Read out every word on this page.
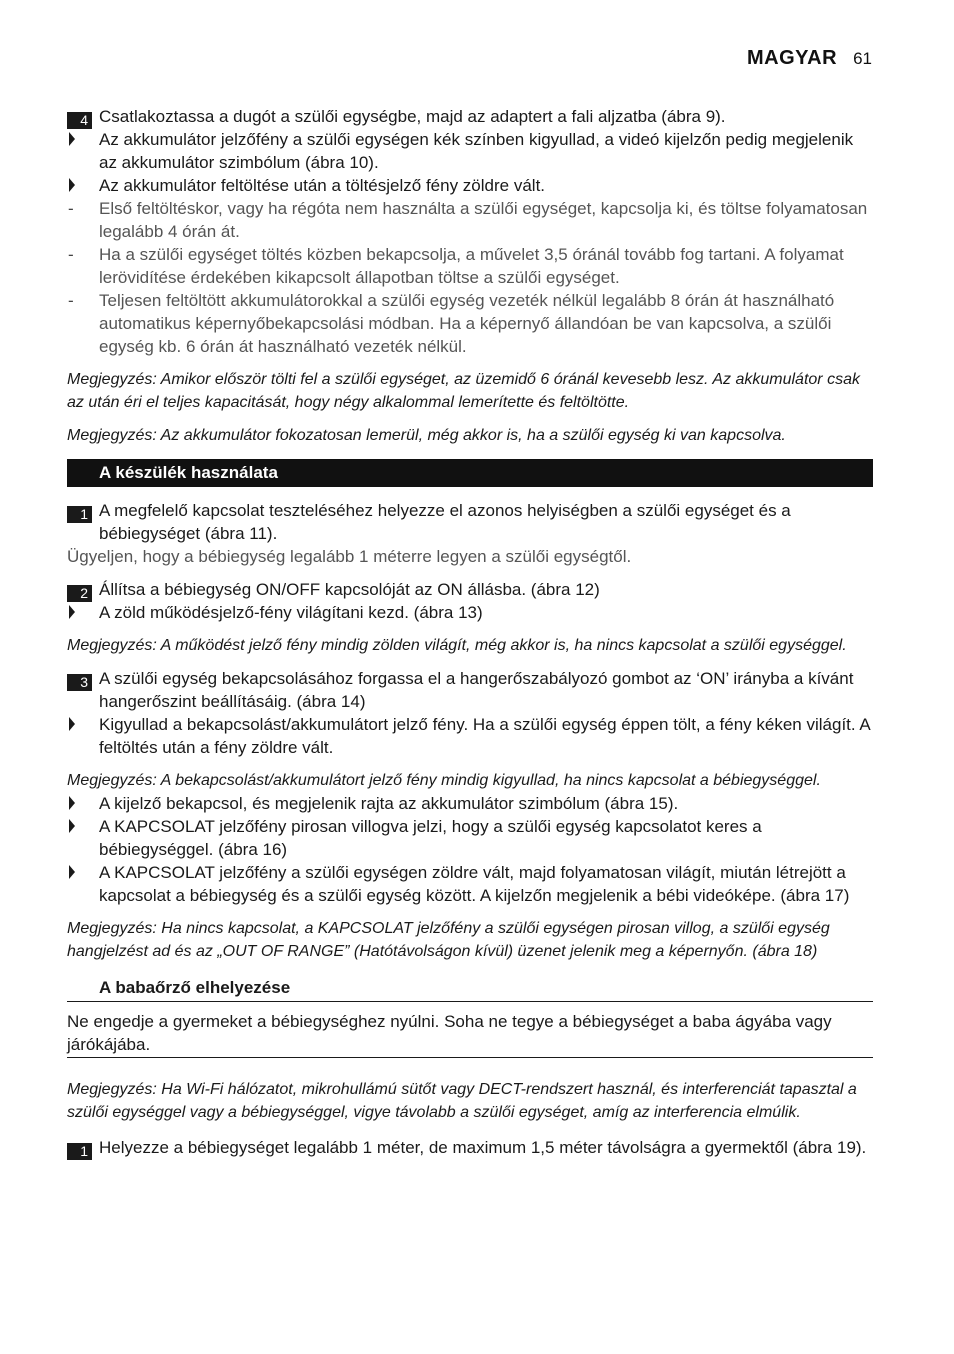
MAGYAR 61
4 Csatlakoztassa a dugót a szülői egységbe, majd az adaptert a fali aljzatba (ábra 9).
Az akkumulátor jelzőfény a szülői egységen kék színben kigyullad, a videó kijelzőn pedig megjelenik az akkumulátor szimbólum (ábra 10).
Az akkumulátor feltöltése után a töltésjelző fény zöldre vált.
- Első feltöltéskor, vagy ha régóta nem használta a szülői egységet, kapcsolja ki, és töltse folyamatosan legalább 4 órán át.
- Ha a szülői egységet töltés közben bekapcsolja, a művelet 3,5 óránál tovább fog tartani. A folyamat lerövidítése érdekében kikapcsolt állapotban töltse a szülői egységet.
- Teljesen feltöltött akkumulátorokkal a szülői egység vezeték nélkül legalább 8 órán át használható automatikus képernyőbekapcsolási módban. Ha a képernyő állandóan be van kapcsolva, a szülői egység kb. 6 órán át használható vezeték nélkül.
Megjegyzés: Amikor először tölti fel a szülői egységet, az üzemidő 6 óránál kevesebb lesz. Az akkumulátor csak az után éri el teljes kapacitását, hogy négy alkalommal lemerítette és feltöltötte.
Megjegyzés: Az akkumulátor fokozatosan lemerül, még akkor is, ha a szülői egység ki van kapcsolva.
A készülék használata
1 A megfelelő kapcsolat teszteléséhez helyezze el azonos helyiségben a szülői egységet és a bébiegységet (ábra 11).
Ügyeljen, hogy a bébiegység legalább 1 méterre legyen a szülői egységtől.
2 Állítsa a bébiegység ON/OFF kapcsolóját az ON állásba. (ábra 12)
A zöld működésjelző-fény világítani kezd. (ábra 13)
Megjegyzés: A működést jelző fény mindig zölden világít, még akkor is, ha nincs kapcsolat a szülői egységgel.
3 A szülői egység bekapcsolásához forgassa el a hangerőszabályozó gombot az ‘ON’ irányba a kívánt hangerőszint beállításáig. (ábra 14)
Kigyullad a bekapcsolást/akkumulátort jelző fény. Ha a szülői egység éppen tölt, a fény kéken világít. A feltöltés után a fény zöldre vált.
Megjegyzés: A bekapcsolást/akkumulátort jelző fény mindig kigyullad, ha nincs kapcsolat a bébiegységgel.
A kijelző bekapcsol, és megjelenik rajta az akkumulátor szimbólum (ábra 15).
A KAPCSOLAT jelzőfény pirosan villogva jelzi, hogy a szülői egység kapcsolatot keres a bébiegységgel. (ábra 16)
A KAPCSOLAT jelzőfény a szülői egységen zöldre vált, majd folyamatosan világít, miután létrejött a kapcsolat a bébiegység és a szülői egység között. A kijelzőn megjelenik a bébi videóképe. (ábra 17)
Megjegyzés: Ha nincs kapcsolat, a KAPCSOLAT jelzőfény a szülői egységen pirosan villog, a szülői egység hangjelzést ad és az „OUT OF RANGE” (Hatótávolságon kívül) üzenet jelenik meg a képernyőn. (ábra 18)
A babaőrző elhelyezése
Ne engedje a gyermeket a bébiegységhez nyúlni. Soha ne tegye a bébiegységet a baba ágyába vagy járókájába.
Megjegyzés: Ha Wi-Fi hálózatot, mikrohullámú sütőt vagy DECT-rendszert használ, és interferenciát tapasztal a szülői egységgel vagy a bébiegységgel, vigye távolabb a szülői egységet, amíg az interferencia elmúlik.
1 Helyezze a bébiegységet legalább 1 méter, de maximum 1,5 méter távolságra a gyermektől (ábra 19).
